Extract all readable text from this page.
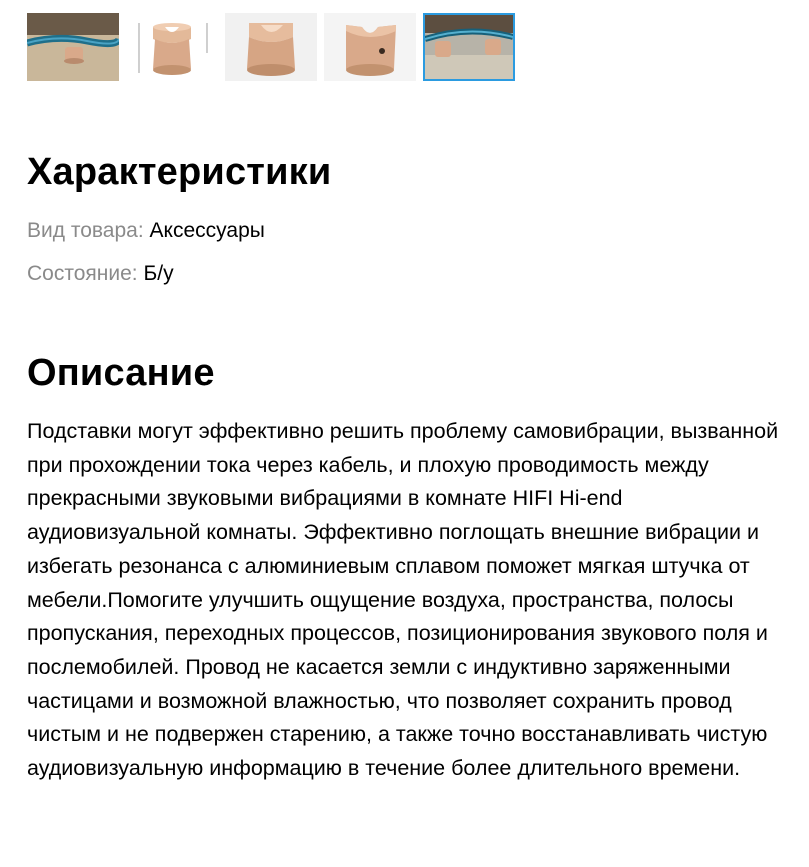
Характеристики
Вид товара: Аксессуары
Состояние: Б/у
Описание

Подставки могут эффективно решить проблему самовибрации, вызванной при прохождении тока через кабель, и плохую проводимость между прекрасными звуковыми вибрациями в комнате HIFI Hi-end аудиовизуальной комнаты. Эффективно поглощать внешние вибрации и избегать резонанса с алюминиевым сплавом поможет мягкая штучка от мебели.Помогите улучшить ощущение воздуха, пространства, полосы пропускания, переходных процессов, позиционирования звукового поля и послемобилей. Провод не касается земли с индуктивно заряженными частицами и возможной влажностью, что позволяет сохранить провод чистым и не подвержен старению, а также точно восстанавливать чистую аудиовизуальную информацию в течение более длительного времени.
